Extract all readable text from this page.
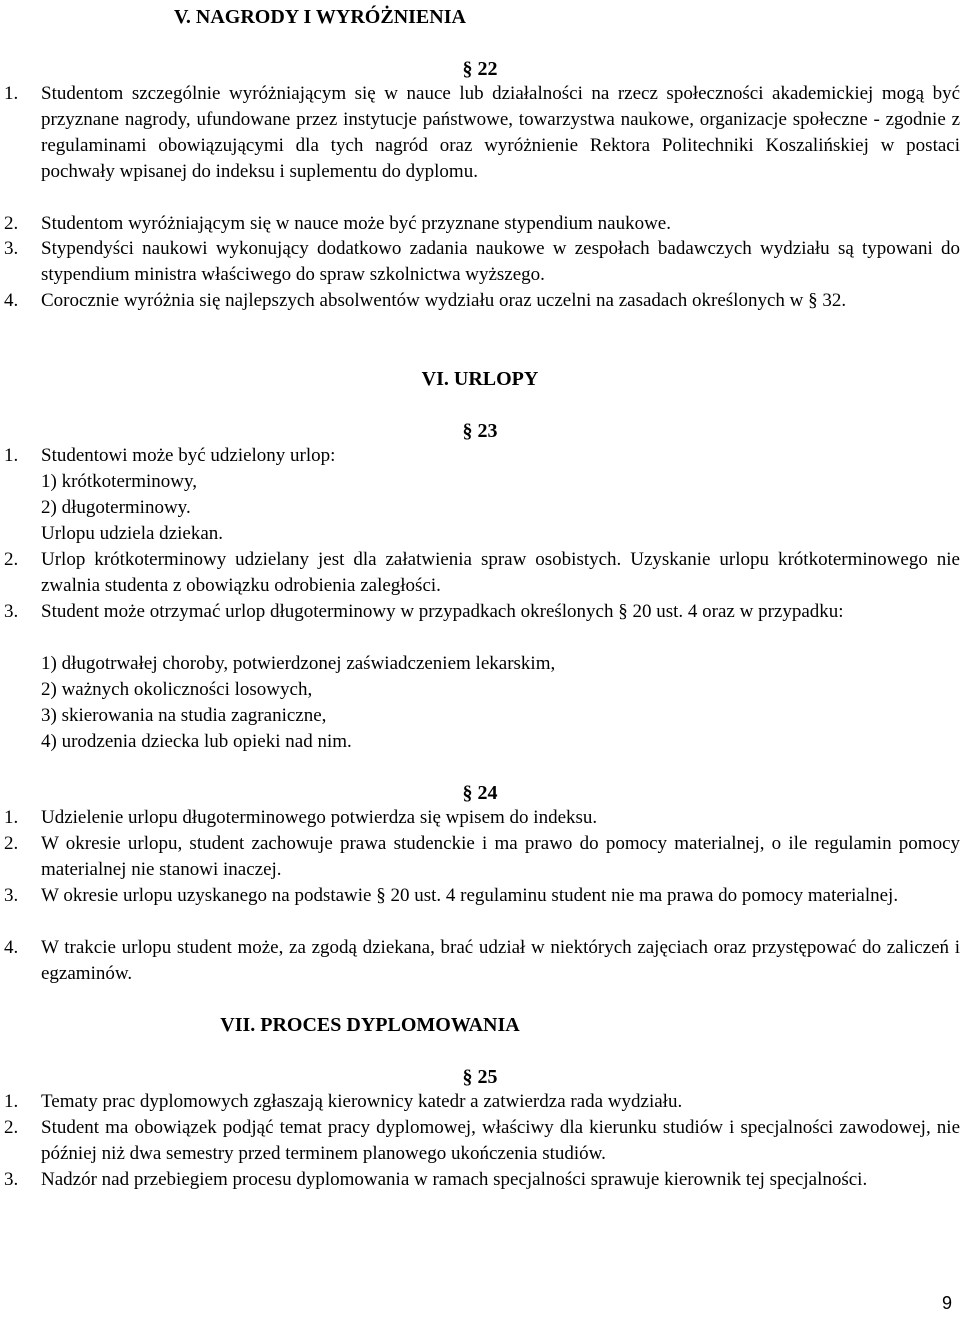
V. NAGRODY I WYRÓŻNIENIA
§ 22
1.	Studentom szczególnie wyróżniającym się w nauce lub działalności na rzecz społeczności akademickiej mogą być przyznane nagrody, ufundowane przez instytucje państwowe, towarzystwa naukowe, organizacje społeczne - zgodnie z regulaminami obowiązującymi dla tych nagród oraz wyróżnienie Rektora Politechniki Koszalińskiej w postaci pochwały wpisanej do indeksu i suplementu do dyplomu.
2.	Studentom wyróżniającym się w nauce może być przyznane stypendium naukowe.
3.	Stypendyści naukowi wykonujący dodatkowo zadania naukowe w zespołach badawczych wydziału są typowani do stypendium ministra właściwego do spraw szkolnictwa wyższego.
4.	Corocznie wyróżnia się najlepszych absolwentów wydziału oraz uczelni na zasadach określonych w § 32.
VI. URLOPY
§ 23
1.	Studentowi może być udzielony urlop:
1) krótkoterminowy,
2) długoterminowy.
Urlopu udziela dziekan.
2.	Urlop krótkoterminowy udzielany jest dla załatwienia spraw osobistych. Uzyskanie urlopu krótkoterminowego nie zwalnia studenta z obowiązku odrobienia zaległości.
3.	Student może otrzymać urlop długoterminowy w przypadkach określonych § 20 ust. 4 oraz w przypadku:
1) długotrwałej choroby, potwierdzonej zaświadczeniem lekarskim,
2) ważnych okoliczności losowych,
3) skierowania na studia zagraniczne,
4) urodzenia dziecka lub opieki nad nim.
§ 24
1.	Udzielenie urlopu długoterminowego potwierdza się wpisem do indeksu.
2.	W okresie urlopu, student zachowuje prawa studenckie i ma prawo do pomocy materialnej, o ile regulamin pomocy materialnej nie stanowi inaczej.
3.	W okresie urlopu uzyskanego na podstawie § 20 ust. 4 regulaminu student nie ma prawa do pomocy materialnej.
4.	W trakcie urlopu student może, za zgodą dziekana, brać udział w niektórych zajęciach oraz przystępować do zaliczeń i egzaminów.
VII. PROCES DYPLOMOWANIA
§ 25
1.	Tematy prac dyplomowych zgłaszają kierownicy katedr a zatwierdza rada wydziału.
2.	Student ma obowiązek podjąć temat pracy dyplomowej, właściwy dla kierunku studiów i specjalności zawodowej, nie później niż dwa semestry przed terminem planowego ukończenia studiów.
3.	Nadzór nad przebiegiem procesu dyplomowania w ramach specjalności sprawuje kierownik tej specjalności.
9
